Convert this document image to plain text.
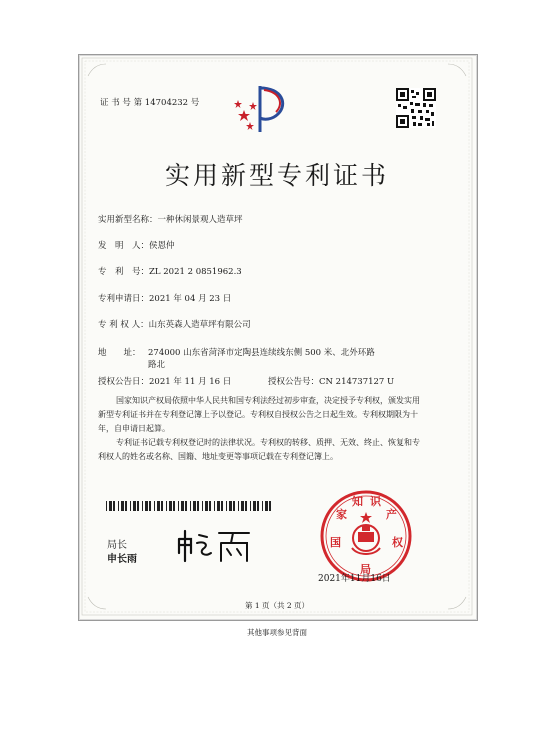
证 书 号 第 14704232 号
实用新型专利证书
实用新型名称：一种休闲景观人造草坪
发　明　人：侯恩仲
专　利　号：ZL 2021 2 0851962.3
专利申请日：2021 年 04 月 23 日
专 利 权 人：山东英森人造草坪有限公司
地　　址： 274000 山东省菏泽市定陶县连续线东侧 500 米、北外环路
路北
授权公告日：2021 年 11 月 16 日	授权公告号：CN 214737127 U
国家知识产权局依照中华人民共和国专利法经过初步审查，决定授予专利权，颁发实用
新型专利证书并在专利登记簿上予以登记。专利权自授权公告之日起生效。专利权期限为十
年，自申请日起算。
专利证书记载专利权登记时的法律状况。专利权的转移、质押、无效、终止、恢复和专
利权人的姓名或名称、国籍、地址变更等事项记载在专利登记簿上。
局长
申长雨
国
家
知 识
产
权
局
2021年11月16日
第 1 页（共 2 页）
其他事项参见背面
